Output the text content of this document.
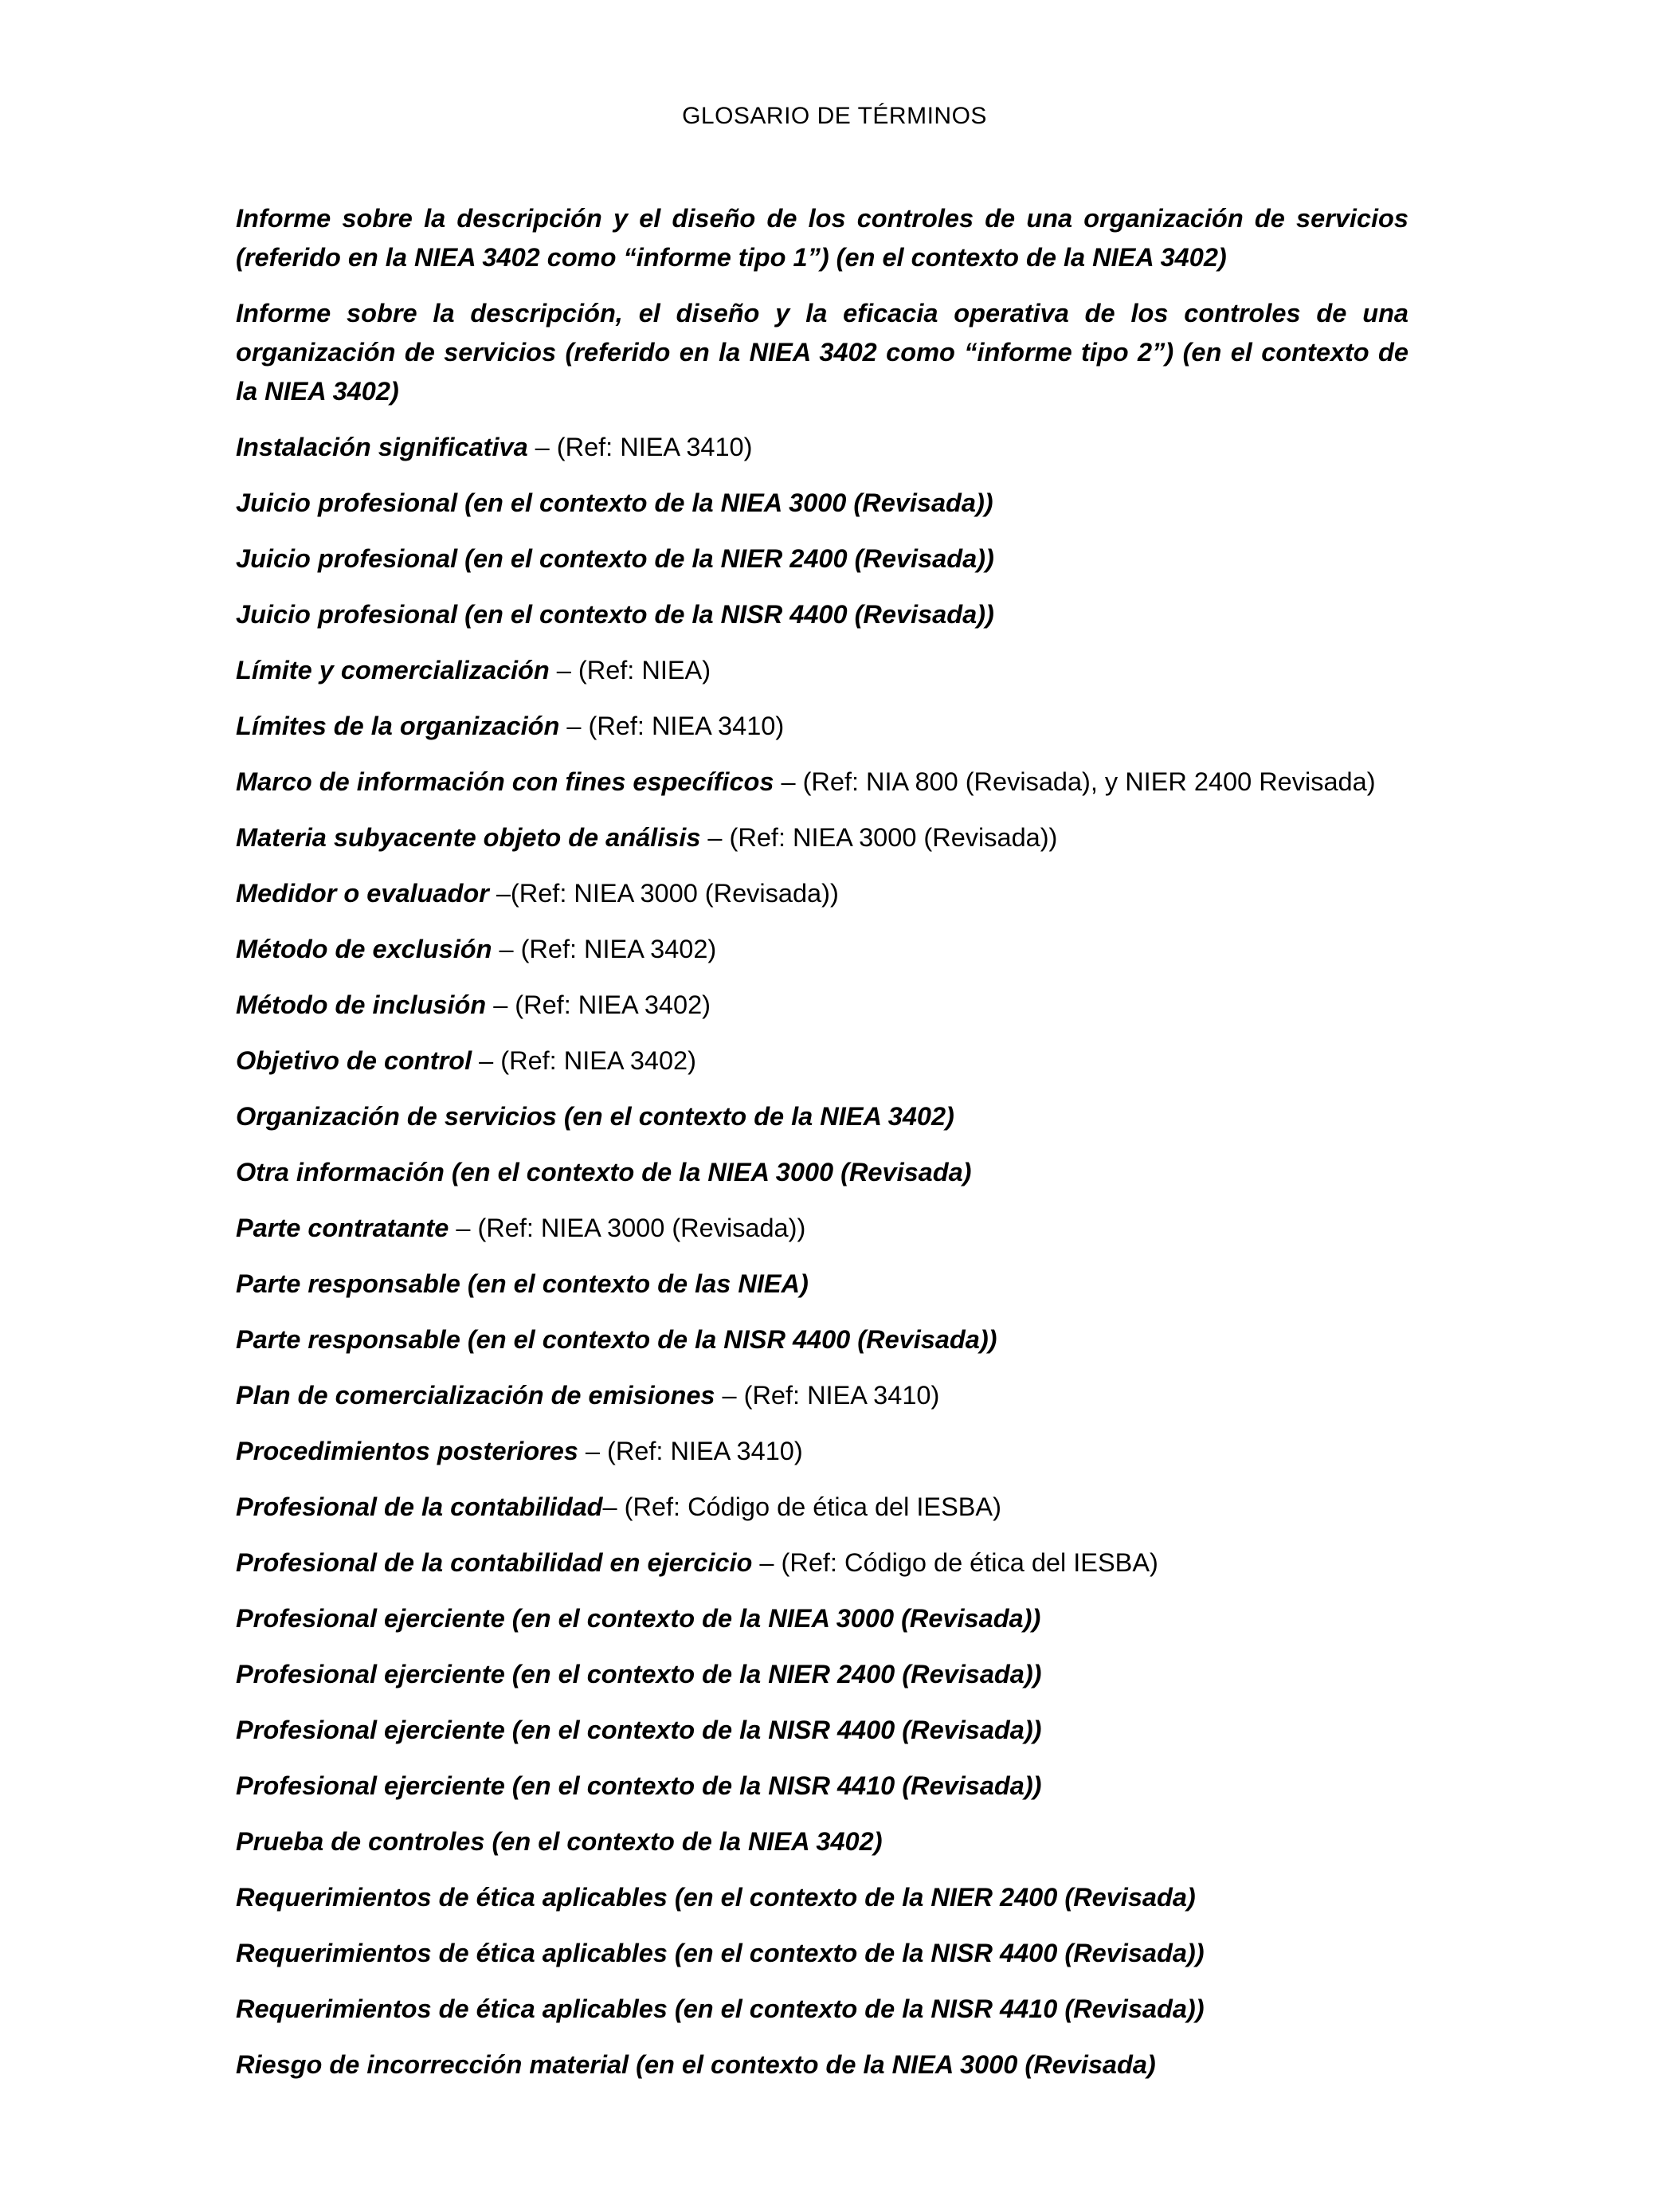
GLOSARIO DE TÉRMINOS

Informe sobre la descripción y el diseño de los controles de una organización de servicios (referido en la NIEA 3402 como “informe tipo 1”) (en el contexto de la NIEA 3402)

Informe sobre la descripción, el diseño y la eficacia operativa de los controles de una organización de servicios (referido en la NIEA 3402 como “informe tipo 2”) (en el contexto de la NIEA 3402)

Instalación significativa – (Ref: NIEA 3410)

Juicio profesional (en el contexto de la NIEA 3000 (Revisada))

Juicio profesional (en el contexto de la NIER 2400 (Revisada))

Juicio profesional (en el contexto de la NISR 4400 (Revisada))

Límite y comercialización – (Ref: NIEA)

Límites de la organización – (Ref: NIEA 3410)

Marco de información con fines específicos – (Ref: NIA 800 (Revisada), y NIER 2400 Revisada)

Materia subyacente objeto de análisis – (Ref: NIEA 3000 (Revisada))

Medidor o evaluador –(Ref: NIEA 3000 (Revisada))

Método de exclusión – (Ref: NIEA 3402)

Método de inclusión – (Ref: NIEA 3402)

Objetivo de control – (Ref: NIEA 3402)

Organización de servicios (en el contexto de la NIEA 3402)

Otra información (en el contexto de la NIEA 3000 (Revisada)

Parte contratante – (Ref: NIEA 3000 (Revisada))

Parte responsable (en el contexto de las NIEA)

Parte responsable (en el contexto de la NISR 4400 (Revisada))

Plan de comercialización de emisiones – (Ref: NIEA 3410)

Procedimientos posteriores – (Ref: NIEA 3410)

Profesional de la contabilidad– (Ref: Código de ética del IESBA)

Profesional de la contabilidad en ejercicio – (Ref: Código de ética del IESBA)

Profesional ejerciente (en el contexto de la NIEA 3000 (Revisada))

Profesional ejerciente (en el contexto de la NIER 2400 (Revisada))

Profesional ejerciente (en el contexto de la NISR 4400 (Revisada))

Profesional ejerciente (en el contexto de la NISR 4410 (Revisada))

Prueba de controles (en el contexto de la NIEA 3402)

Requerimientos de ética aplicables (en el contexto de la NIER 2400 (Revisada)

Requerimientos de ética aplicables (en el contexto de la NISR 4400 (Revisada))

Requerimientos de ética aplicables (en el contexto de la NISR 4410 (Revisada))

Riesgo de incorrección material (en el contexto de la NIEA 3000 (Revisada)
